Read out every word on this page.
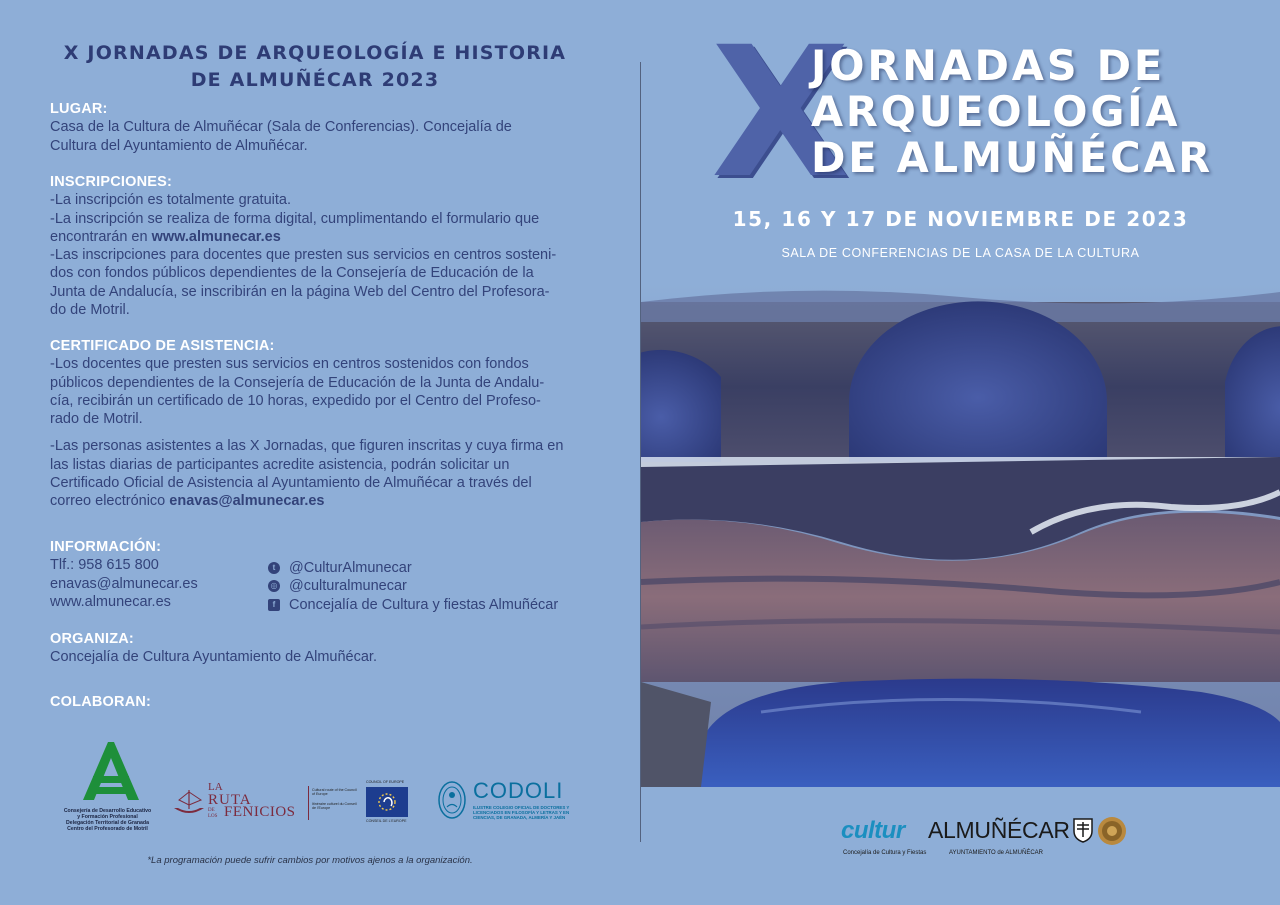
X JORNADAS DE ARQUEOLOGÍA E HISTORIA
DE ALMUÑÉCAR 2023
LUGAR:
Casa de la Cultura de Almuñécar (Sala de Conferencias). Concejalía de
Cultura del Ayuntamiento de Almuñécar.
INSCRIPCIONES:
-La inscripción es totalmente gratuita.
-La inscripción se realiza de forma digital, cumplimentando el formulario que
encontrarán en www.almunecar.es
-Las inscripciones para docentes que presten sus servicios en centros sosteni-
dos con fondos públicos dependientes de la Consejería de Educación de la
Junta de Andalucía, se inscribirán en la página Web del Centro del Profesora-
do de Motril.
CERTIFICADO DE ASISTENCIA:
-Los docentes que presten sus servicios en centros sostenidos con fondos
públicos dependientes de la Consejería de Educación de la Junta de Andalu-
cía, recibirán un certificado de 10 horas, expedido por el Centro del Profeso-
rado de Motril.
-Las personas asistentes a las X Jornadas, que figuren inscritas y cuya firma en
las listas diarias de participantes acredite asistencia, podrán solicitar un
Certificado Oficial de Asistencia al Ayuntamiento de Almuñécar a través del
correo electrónico enavas@almunecar.es
INFORMACIÓN:
Tlf.: 958 615 800
enavas@almunecar.es
www.almunecar.es
t @CulturAlmunecar
◎ @culturalmunecar
f Concejalía de Cultura y fiestas Almuñécar
ORGANIZA:
Concejalía de Cultura Ayuntamiento de Almuñécar.
COLABORAN:
Consejería de Desarrollo Educativo
y Formación Profesional
Delegación Territorial de Granada
Centro del Profesorado de Motril
LA
RUTA
DE LOS FENICIOS
Cultural route of the Council of Europe
Itinéraire culturel du Conseil de l'Europe
COUNCIL OF EUROPE
CONSEIL DE L'EUROPE
CODOLI
ILUSTRE COLEGIO OFICIAL DE DOCTORES Y LICENCIADOS EN FILOSOFÍA Y LETRAS Y EN CIENCIAS, DE GRANADA, ALMERÍA Y JAÉN
*La programación puede sufrir cambios por motivos ajenos a la organización.
X
JORNADAS DE
ARQUEOLOGÍA
DE ALMUÑÉCAR
15, 16 Y 17 DE NOVIEMBRE DE 2023
SALA DE CONFERENCIAS DE LA CASA DE LA CULTURA
cultur ALMUÑÉCAR
Concejalía de Cultura y Fiestas	AYUNTAMIENTO de ALMUÑÉCAR
